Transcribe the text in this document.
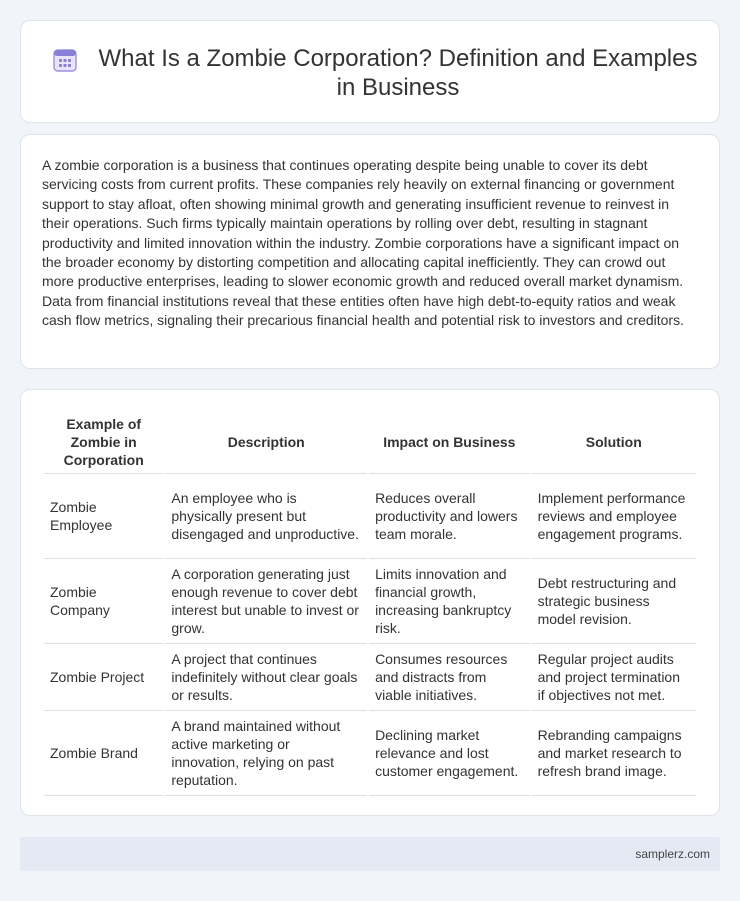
What Is a Zombie Corporation? Definition and Examples in Business

A zombie corporation is a business that continues operating despite being unable to cover its debt servicing costs from current profits. These companies rely heavily on external financing or government support to stay afloat, often showing minimal growth and generating insufficient revenue to reinvest in their operations. Such firms typically maintain operations by rolling over debt, resulting in stagnant productivity and limited innovation within the industry. Zombie corporations have a significant impact on the broader economy by distorting competition and allocating capital inefficiently. They can crowd out more productive enterprises, leading to slower economic growth and reduced overall market dynamism. Data from financial institutions reveal that these entities often have high debt-to-equity ratios and weak cash flow metrics, signaling their precarious financial health and potential risk to investors and creditors.

Example of Zombie in Corporation	Description	Impact on Business	Solution
Zombie Employee	An employee who is physically present but disengaged and unproductive.	Reduces overall productivity and lowers team morale.	Implement performance reviews and employee engagement programs.
Zombie Company	A corporation generating just enough revenue to cover debt interest but unable to invest or grow.	Limits innovation and financial growth, increasing bankruptcy risk.	Debt restructuring and strategic business model revision.
Zombie Project	A project that continues indefinitely without clear goals or results.	Consumes resources and distracts from viable initiatives.	Regular project audits and project termination if objectives not met.
Zombie Brand	A brand maintained without active marketing or innovation, relying on past reputation.	Declining market relevance and lost customer engagement.	Rebranding campaigns and market research to refresh brand image.
samplerz.com
